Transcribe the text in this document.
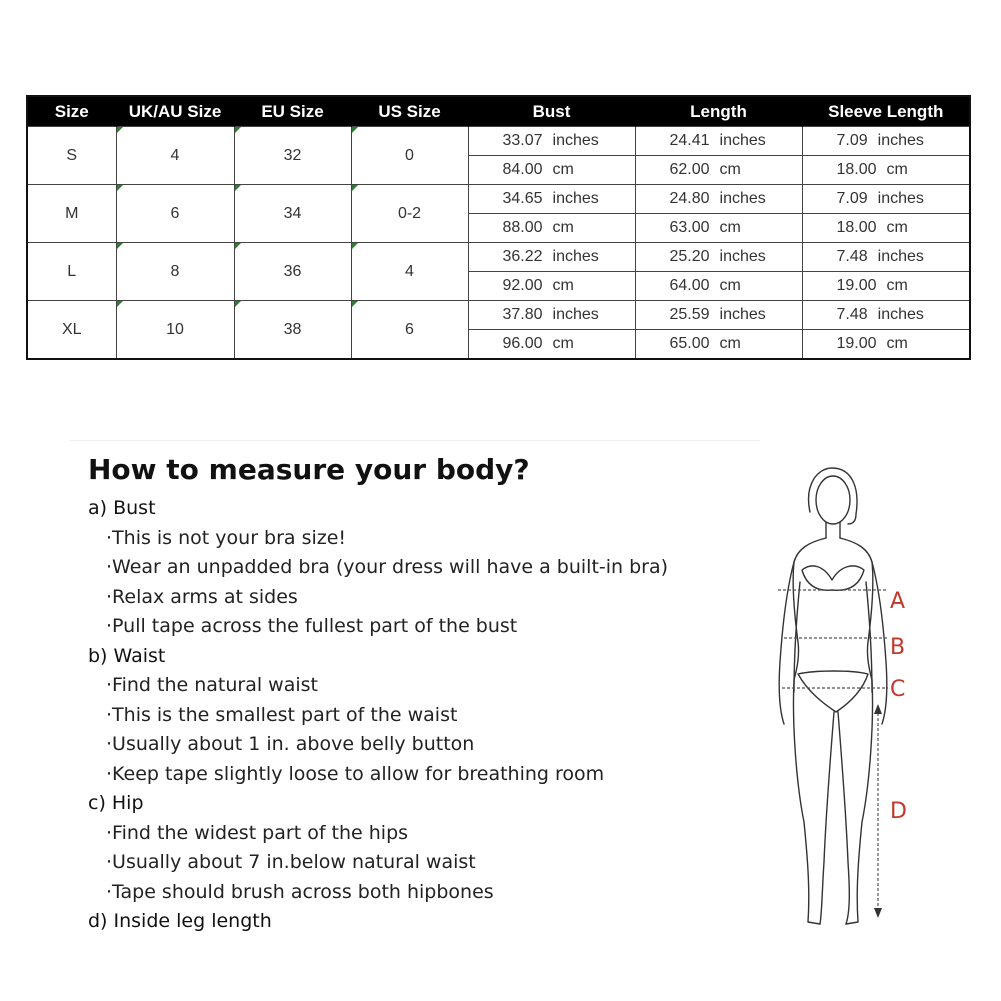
Size	UK/AU Size	EU Size	US Size	Bust	Length	Sleeve Length
S	4	32	0	33.07 inches	24.41 inches	7.09 inches
				84.00 cm	62.00 cm	18.00 cm
M	6	34	0-2	34.65 inches	24.80 inches	7.09 inches
				88.00 cm	63.00 cm	18.00 cm
L	8	36	4	36.22 inches	25.20 inches	7.48 inches
				92.00 cm	64.00 cm	19.00 cm
XL	10	38	6	37.80 inches	25.59 inches	7.48 inches
				96.00 cm	65.00 cm	19.00 cm
How to measure your body?
a) Bust
·This is not your bra size!
·Wear an unpadded bra (your dress will have a built-in bra)
·Relax arms at sides
·Pull tape across the fullest part of the bust
b) Waist
·Find the natural waist
·This is the smallest part of the waist
·Usually about 1 in. above belly button
·Keep tape slightly loose to allow for breathing room
c) Hip
·Find the widest part of the hips
·Usually about 7 in.below natural waist
·Tape should brush across both hipbones
d) Inside leg length
A
B
C
D
